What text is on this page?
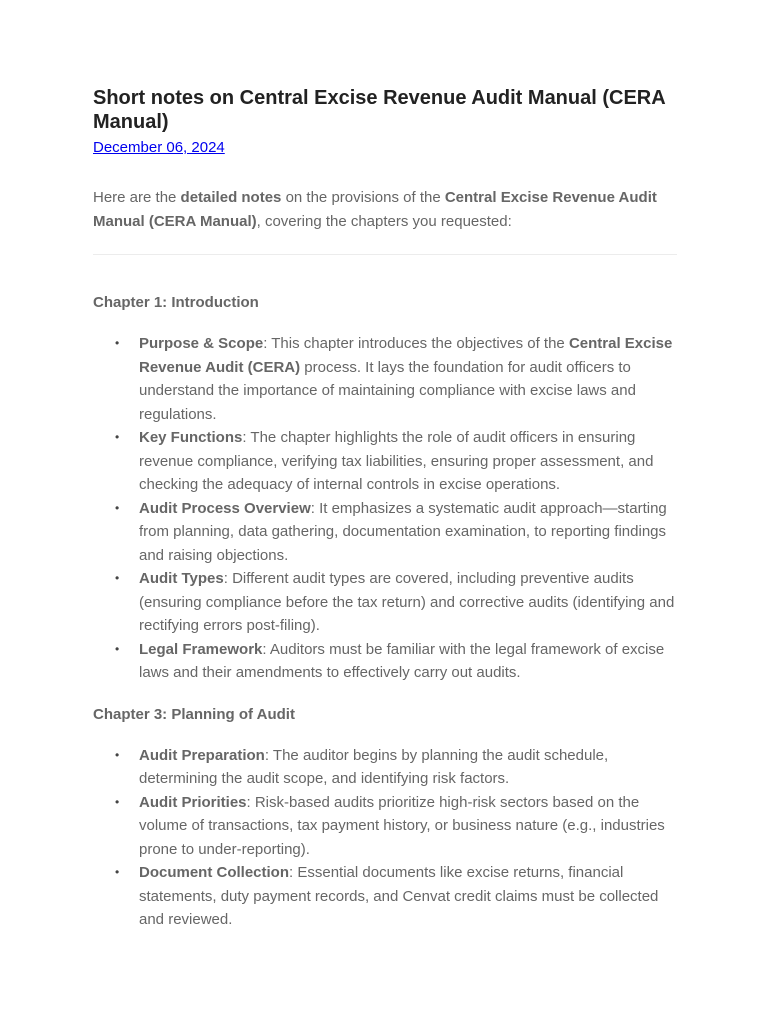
Short notes on Central Excise Revenue Audit Manual (CERA Manual)
December 06, 2024

Here are the detailed notes on the provisions of the Central Excise Revenue Audit Manual (CERA Manual), covering the chapters you requested:

Chapter 1: Introduction
• Purpose & Scope: This chapter introduces the objectives of the Central Excise Revenue Audit (CERA) process. It lays the foundation for audit officers to understand the importance of maintaining compliance with excise laws and regulations.
• Key Functions: The chapter highlights the role of audit officers in ensuring revenue compliance, verifying tax liabilities, ensuring proper assessment, and checking the adequacy of internal controls in excise operations.
• Audit Process Overview: It emphasizes a systematic audit approach—starting from planning, data gathering, documentation examination, to reporting findings and raising objections.
• Audit Types: Different audit types are covered, including preventive audits (ensuring compliance before the tax return) and corrective audits (identifying and rectifying errors post-filing).
• Legal Framework: Auditors must be familiar with the legal framework of excise laws and their amendments to effectively carry out audits.
Chapter 3: Planning of Audit
• Audit Preparation: The auditor begins by planning the audit schedule, determining the audit scope, and identifying risk factors.
• Audit Priorities: Risk-based audits prioritize high-risk sectors based on the volume of transactions, tax payment history, or business nature (e.g., industries prone to under-reporting).
• Document Collection: Essential documents like excise returns, financial statements, duty payment records, and Cenvat credit claims must be collected and reviewed.
